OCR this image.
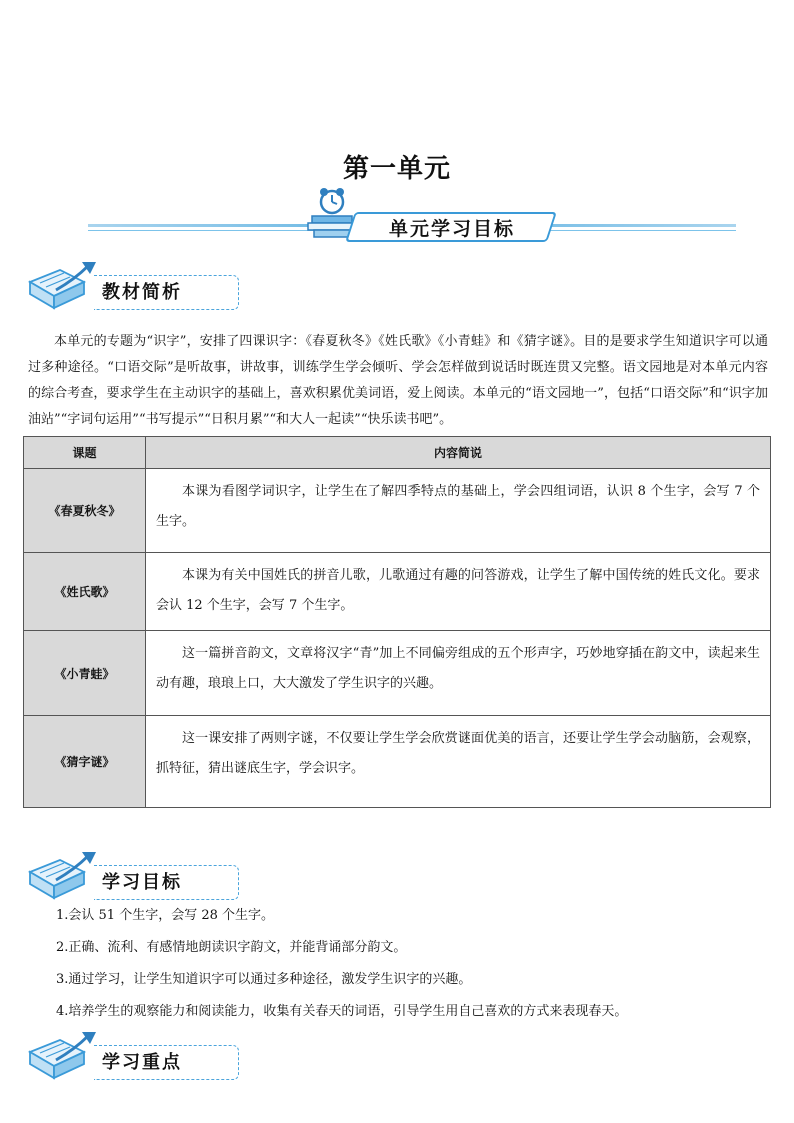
第一单元
单元学习目标
教材简析

本单元的专题为“识字”，安排了四课识字：《春夏秋冬》《姓氏歌》《小青蛙》和《猜字谜》。目的是要求学生知道识字可以通过多种途径。“口语交际”是听故事，讲故事，训练学生学会倾听、学会怎样做到说话时既连贯又完整。语文园地是对本单元内容的综合考查，要求学生在主动识字的基础上，喜欢积累优美词语，爱上阅读。本单元的“语文园地一”，包括“口语交际”和“识字加油站”“字词句运用”“书写提示”“日积月累”“和大人一起读”“快乐读书吧”。

课题	内容简说
《春夏秋冬》	本课为看图学词识字，让学生在了解四季特点的基础上，学会四组词语，认识 8 个生字，会写 7 个生字。
《姓氏歌》	本课为有关中国姓氏的拼音儿歌，儿歌通过有趣的问答游戏，让学生了解中国传统的姓氏文化。要求会认 12 个生字，会写 7 个生字。
《小青蛙》	这一篇拼音韵文，文章将汉字“青”加上不同偏旁组成的五个形声字，巧妙地穿插在韵文中，读起来生动有趣，琅琅上口，大大激发了学生识字的兴趣。
《猜字谜》	这一课安排了两则字谜，不仅要让学生学会欣赏谜面优美的语言，还要让学生学会动脑筋，会观察，抓特征，猜出谜底生字，学会识字。
学习目标
1.会认 51 个生字，会写 28 个生字。
2.正确、流利、有感情地朗读识字韵文，并能背诵部分韵文。
3.通过学习，让学生知道识字可以通过多种途径，激发学生识字的兴趣。
4.培养学生的观察能力和阅读能力，收集有关春天的词语，引导学生用自己喜欢的方式来表现春天。
学习重点
